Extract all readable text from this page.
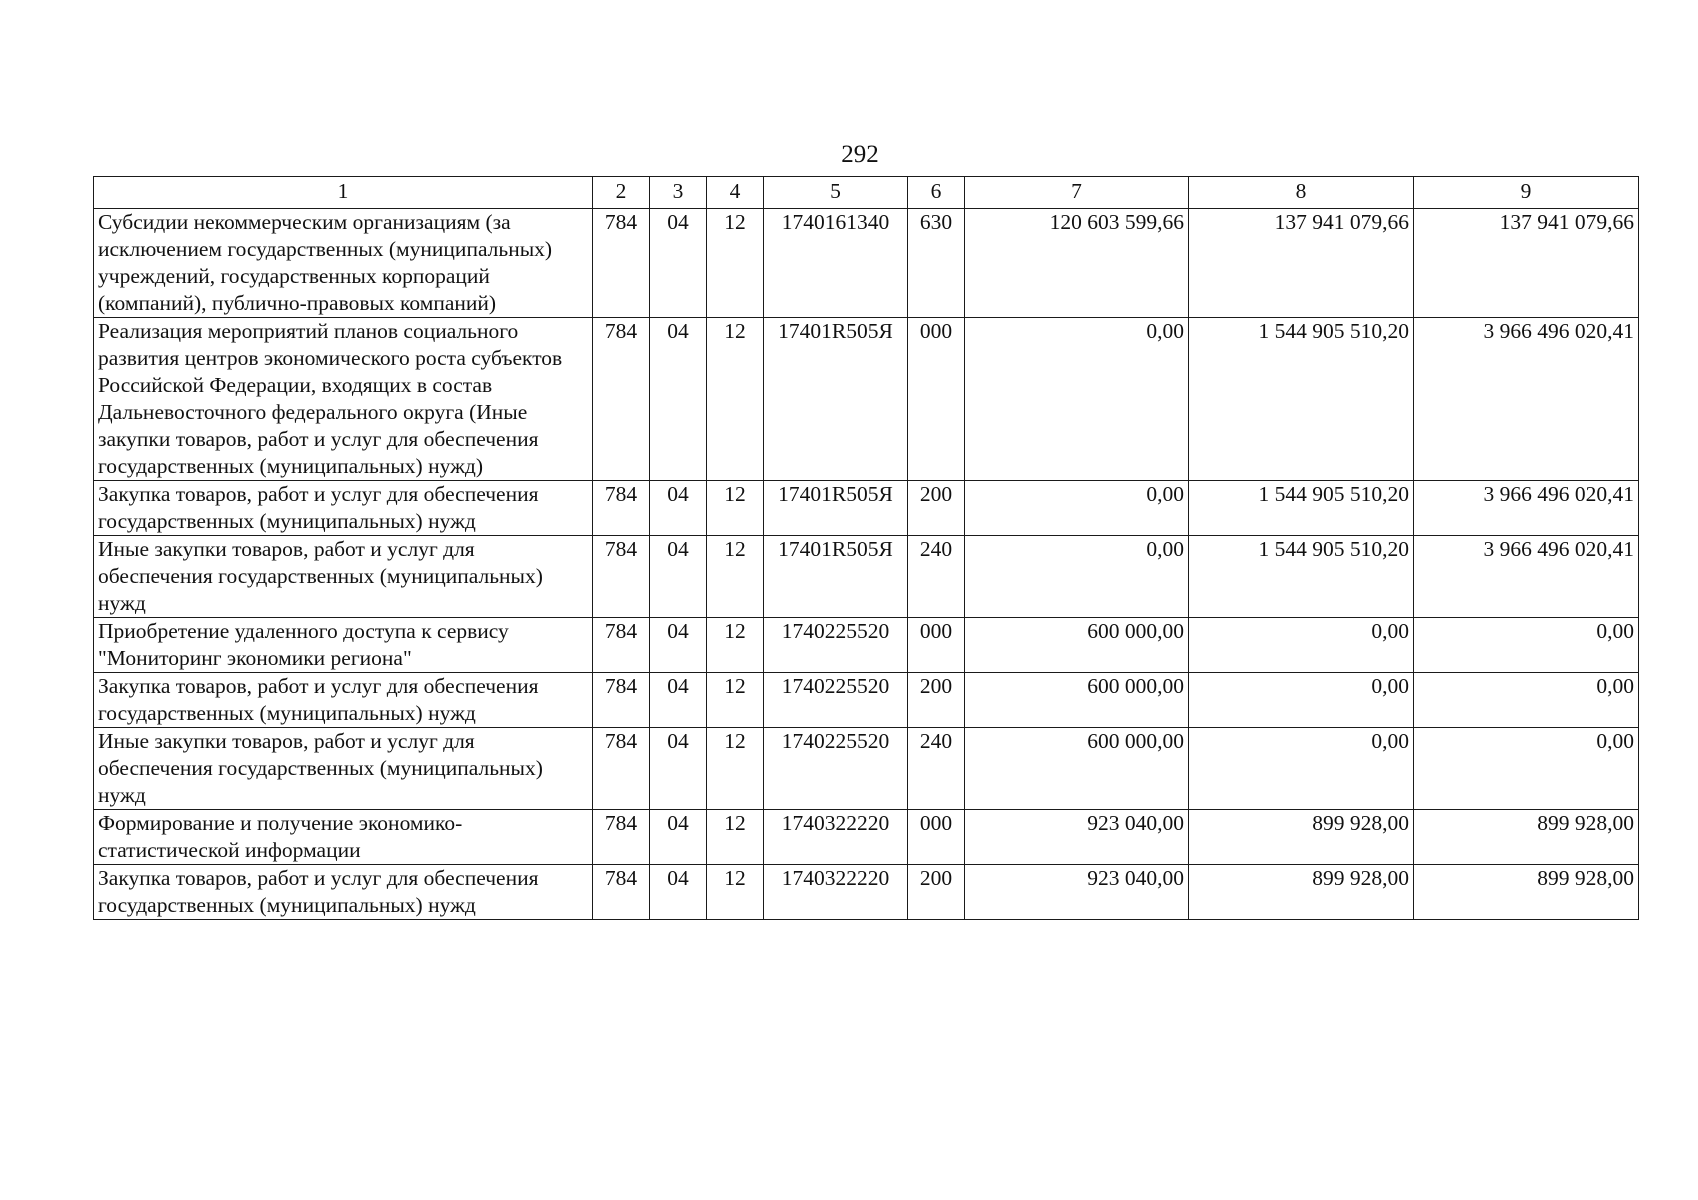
292
1	2	3	4	5	6	7	8	9
Субсидии некоммерческим организациям (за исключением государственных (муниципальных) учреждений, государственных корпораций (компаний), публично-правовых компаний)	784	04	12	1740161340	630	120 603 599,66	137 941 079,66	137 941 079,66
Реализация мероприятий планов социального развития центров экономического роста субъектов Российской Федерации, входящих в состав Дальневосточного федерального округа (Иные закупки товаров, работ и услуг для обеспечения государственных (муниципальных) нужд)	784	04	12	17401R505Я	000	0,00	1 544 905 510,20	3 966 496 020,41
Закупка товаров, работ и услуг для обеспечения государственных (муниципальных) нужд	784	04	12	17401R505Я	200	0,00	1 544 905 510,20	3 966 496 020,41
Иные закупки товаров, работ и услуг для обеспечения государственных (муниципальных) нужд	784	04	12	17401R505Я	240	0,00	1 544 905 510,20	3 966 496 020,41
Приобретение удаленного доступа к сервису "Мониторинг экономики региона"	784	04	12	1740225520	000	600 000,00	0,00	0,00
Закупка товаров, работ и услуг для обеспечения государственных (муниципальных) нужд	784	04	12	1740225520	200	600 000,00	0,00	0,00
Иные закупки товаров, работ и услуг для обеспечения государственных (муниципальных) нужд	784	04	12	1740225520	240	600 000,00	0,00	0,00
Формирование и получение экономико-статистической информации	784	04	12	1740322220	000	923 040,00	899 928,00	899 928,00
Закупка товаров, работ и услуг для обеспечения государственных (муниципальных) нужд	784	04	12	1740322220	200	923 040,00	899 928,00	899 928,00
